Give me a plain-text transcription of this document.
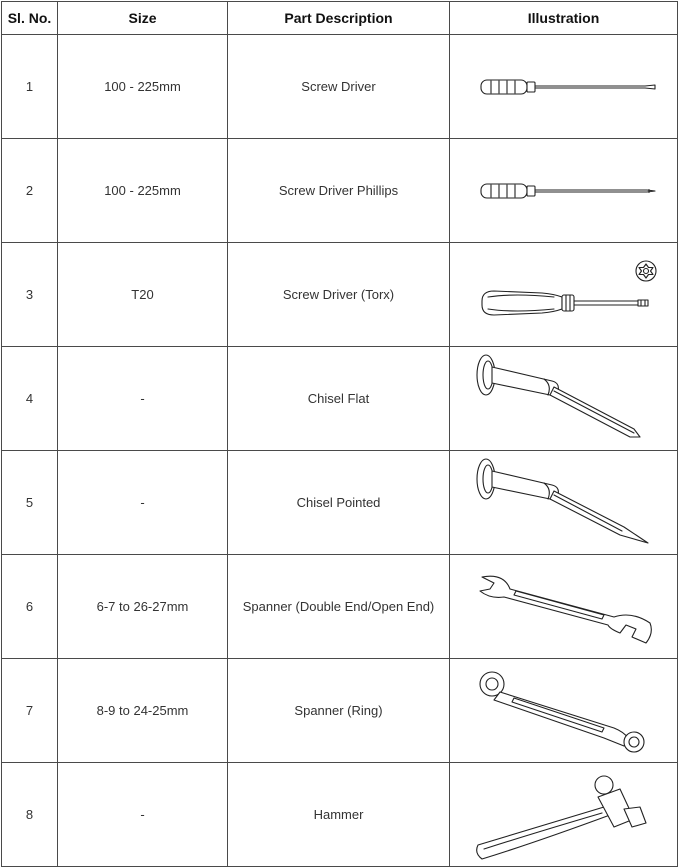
Sl. No.	Size	Part Description	Illustration
1	100 - 225mm	Screw Driver	

2	100 - 225mm	Screw Driver Phillips	

3	T20	Screw Driver (Torx)	

4	-	Chisel Flat	

5	-	Chisel Pointed	

6	6-7 to 26-27mm	Spanner (Double End/Open End)	

7	8-9 to 24-25mm	Spanner (Ring)	

8	-	Hammer	
